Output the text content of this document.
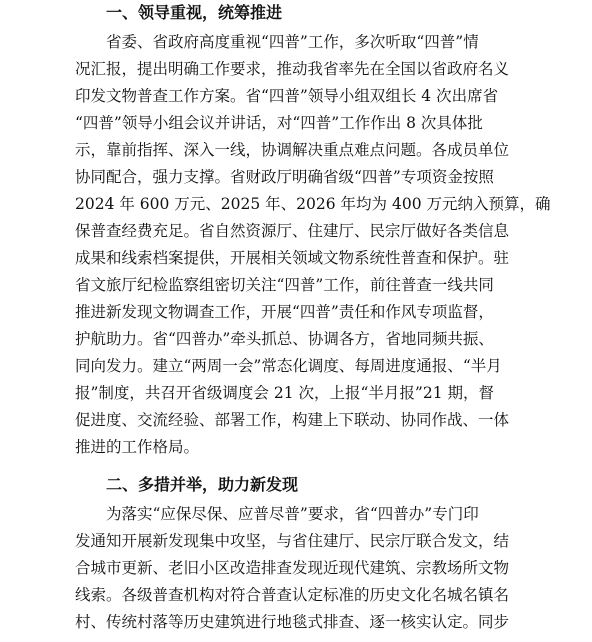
一、领导重视，统筹推进
省委、省政府高度重视“四普”工作，多次听取“四普”情
况汇报，提出明确工作要求，推动我省率先在全国以省政府名义
印发文物普查工作方案。省“四普”领导小组双组长 4 次出席省
“四普”领导小组会议并讲话，对“四普”工作作出 8 次具体批
示，靠前指挥、深入一线，协调解决重点难点问题。各成员单位
协同配合，强力支撑。省财政厅明确省级“四普”专项资金按照
2024 年 600 万元、2025 年、2026 年均为 400 万元纳入预算，确
保普查经费充足。省自然资源厅、住建厅、民宗厅做好各类信息
成果和线索档案提供，开展相关领域文物系统性普查和保护。驻
省文旅厅纪检监察组密切关注“四普”工作，前往普查一线共同
推进新发现文物调查工作，开展“四普”责任和作风专项监督，
护航助力。省“四普办”牵头抓总、协调各方，省地同频共振、
同向发力。建立“两周一会”常态化调度、每周进度通报、“半月
报”制度，共召开省级调度会 21 次，上报“半月报”21 期，督
促进度、交流经验、部署工作，构建上下联动、协同作战、一体
推进的工作格局。
二、多措并举，助力新发现
为落实“应保尽保、应普尽普”要求，省“四普办”专门印
发通知开展新发现集中攻坚，与省住建厅、民宗厅联合发文，结
合城市更新、老旧小区改造排查发现近现代建筑、宗教场所文物
线索。各级普查机构对符合普查认定标准的历史文化名城名镇名
村、传统村落等历史建筑进行地毯式排查、逐一核实认定。同步
